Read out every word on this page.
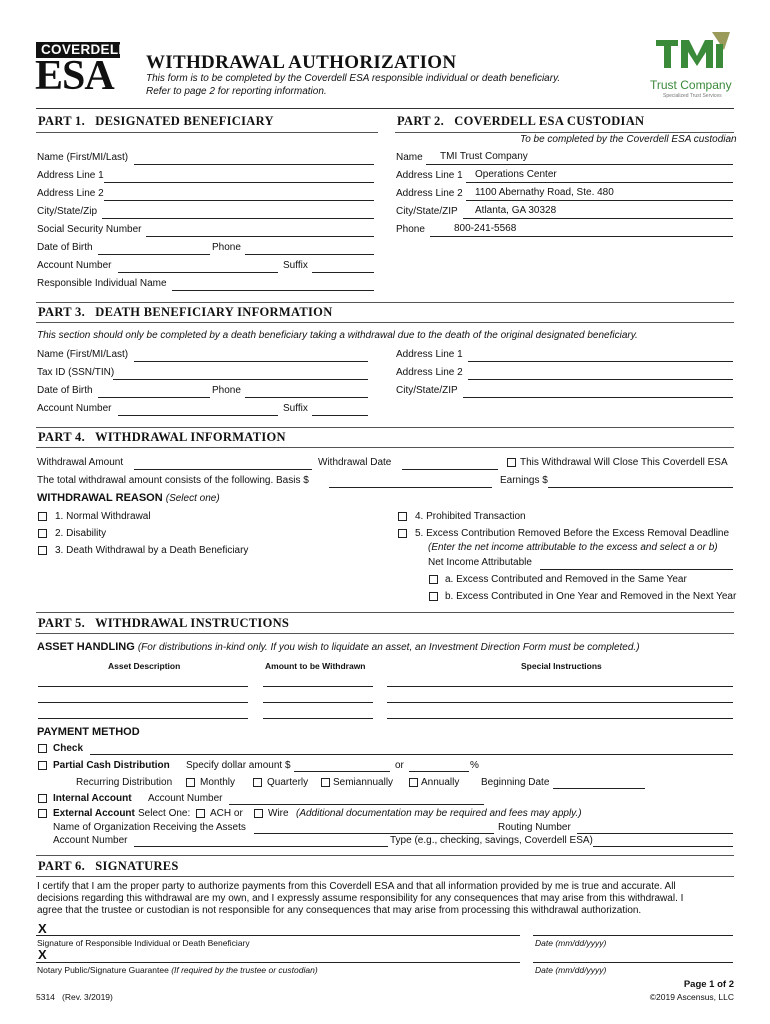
COVERDELL
ESA WITHDRAWAL AUTHORIZATION
This form is to be completed by the Coverdell ESA responsible individual or death beneficiary.
Refer to page 2 for reporting information.	Trust Company
Specialized Trust Services
PART 1.   DESIGNATED BENEFICIARY
Name (First/MI/Last)
Address Line 1
Address Line 2
City/State/Zip
Social Security Number
Date of Birth	Phone
Account Number	Suffix
Responsible Individual Name
PART 2.   COVERDELL ESA CUSTODIAN
To be completed by the Coverdell ESA custodian
Name TMI Trust Company
Address Line 1 Operations Center
Address Line 2 1100 Abernathy Road, Ste. 480
City/State/ZIP Atlanta, GA 30328
Phone	800-241-5568
PART 3.   DEATH BENEFICIARY INFORMATION
This section should only be completed by a death beneficiary taking a withdrawal due to the death of the original designated beneficiary.
Name (First/MI/Last)
Tax ID (SSN/TIN)
Date of Birth	Phone
Account Number	Suffix
Address Line 1
Address Line 2
City/State/ZIP
PART 4.   WITHDRAWAL INFORMATION
Withdrawal Amount	Withdrawal Date	This Withdrawal Will Close This Coverdell ESA
The total withdrawal amount consists of the following. Basis $	Earnings $
WITHDRAWAL REASON (Select one)
1. Normal Withdrawal
2. Disability
3. Death Withdrawal by a Death Beneficiary
4. Prohibited Transaction
5. Excess Contribution Removed Before the Excess Removal Deadline
(Enter the net income attributable to the excess and select a or b)
Net Income Attributable
a. Excess Contributed and Removed in the Same Year
b. Excess Contributed in One Year and Removed in the Next Year
PART 5.   WITHDRAWAL INSTRUCTIONS
ASSET HANDLING (For distributions in-kind only. If you wish to liquidate an asset, an Investment Direction Form must be completed.)
Asset Description	Amount to be Withdrawn	Special Instructions
PAYMENT METHOD
Check
Partial Cash Distribution Specify dollar amount $	or	%
Recurring Distribution	Monthly	Quarterly Semiannually	Annually Beginning Date
Internal Account Account Number
External Account Select One: ACH or	Wire (Additional documentation may be required and fees may apply.)
Name of Organization Receiving the Assets	Routing Number
Account Number	Type (e.g., checking, savings, Coverdell ESA)
PART 6.   SIGNATURES
I certify that I am the proper party to authorize payments from this Coverdell ESA and that all information provided by me is true and accurate. All
decisions regarding this withdrawal are my own, and I expressly assume responsibility for any consequences that may arise from this withdrawal. I
agree that the trustee or custodian is not responsible for any consequences that may arise from processing this withdrawal authorization.
X
Signature of Responsible Individual or Death Beneficiary	Date (mm/dd/yyyy)
X
Notary Public/Signature Guarantee (If required by the trustee or custodian)	Date (mm/dd/yyyy)
5314   (Rev. 3/2019)
Page 1 of 2
©2019 Ascensus, LLC
